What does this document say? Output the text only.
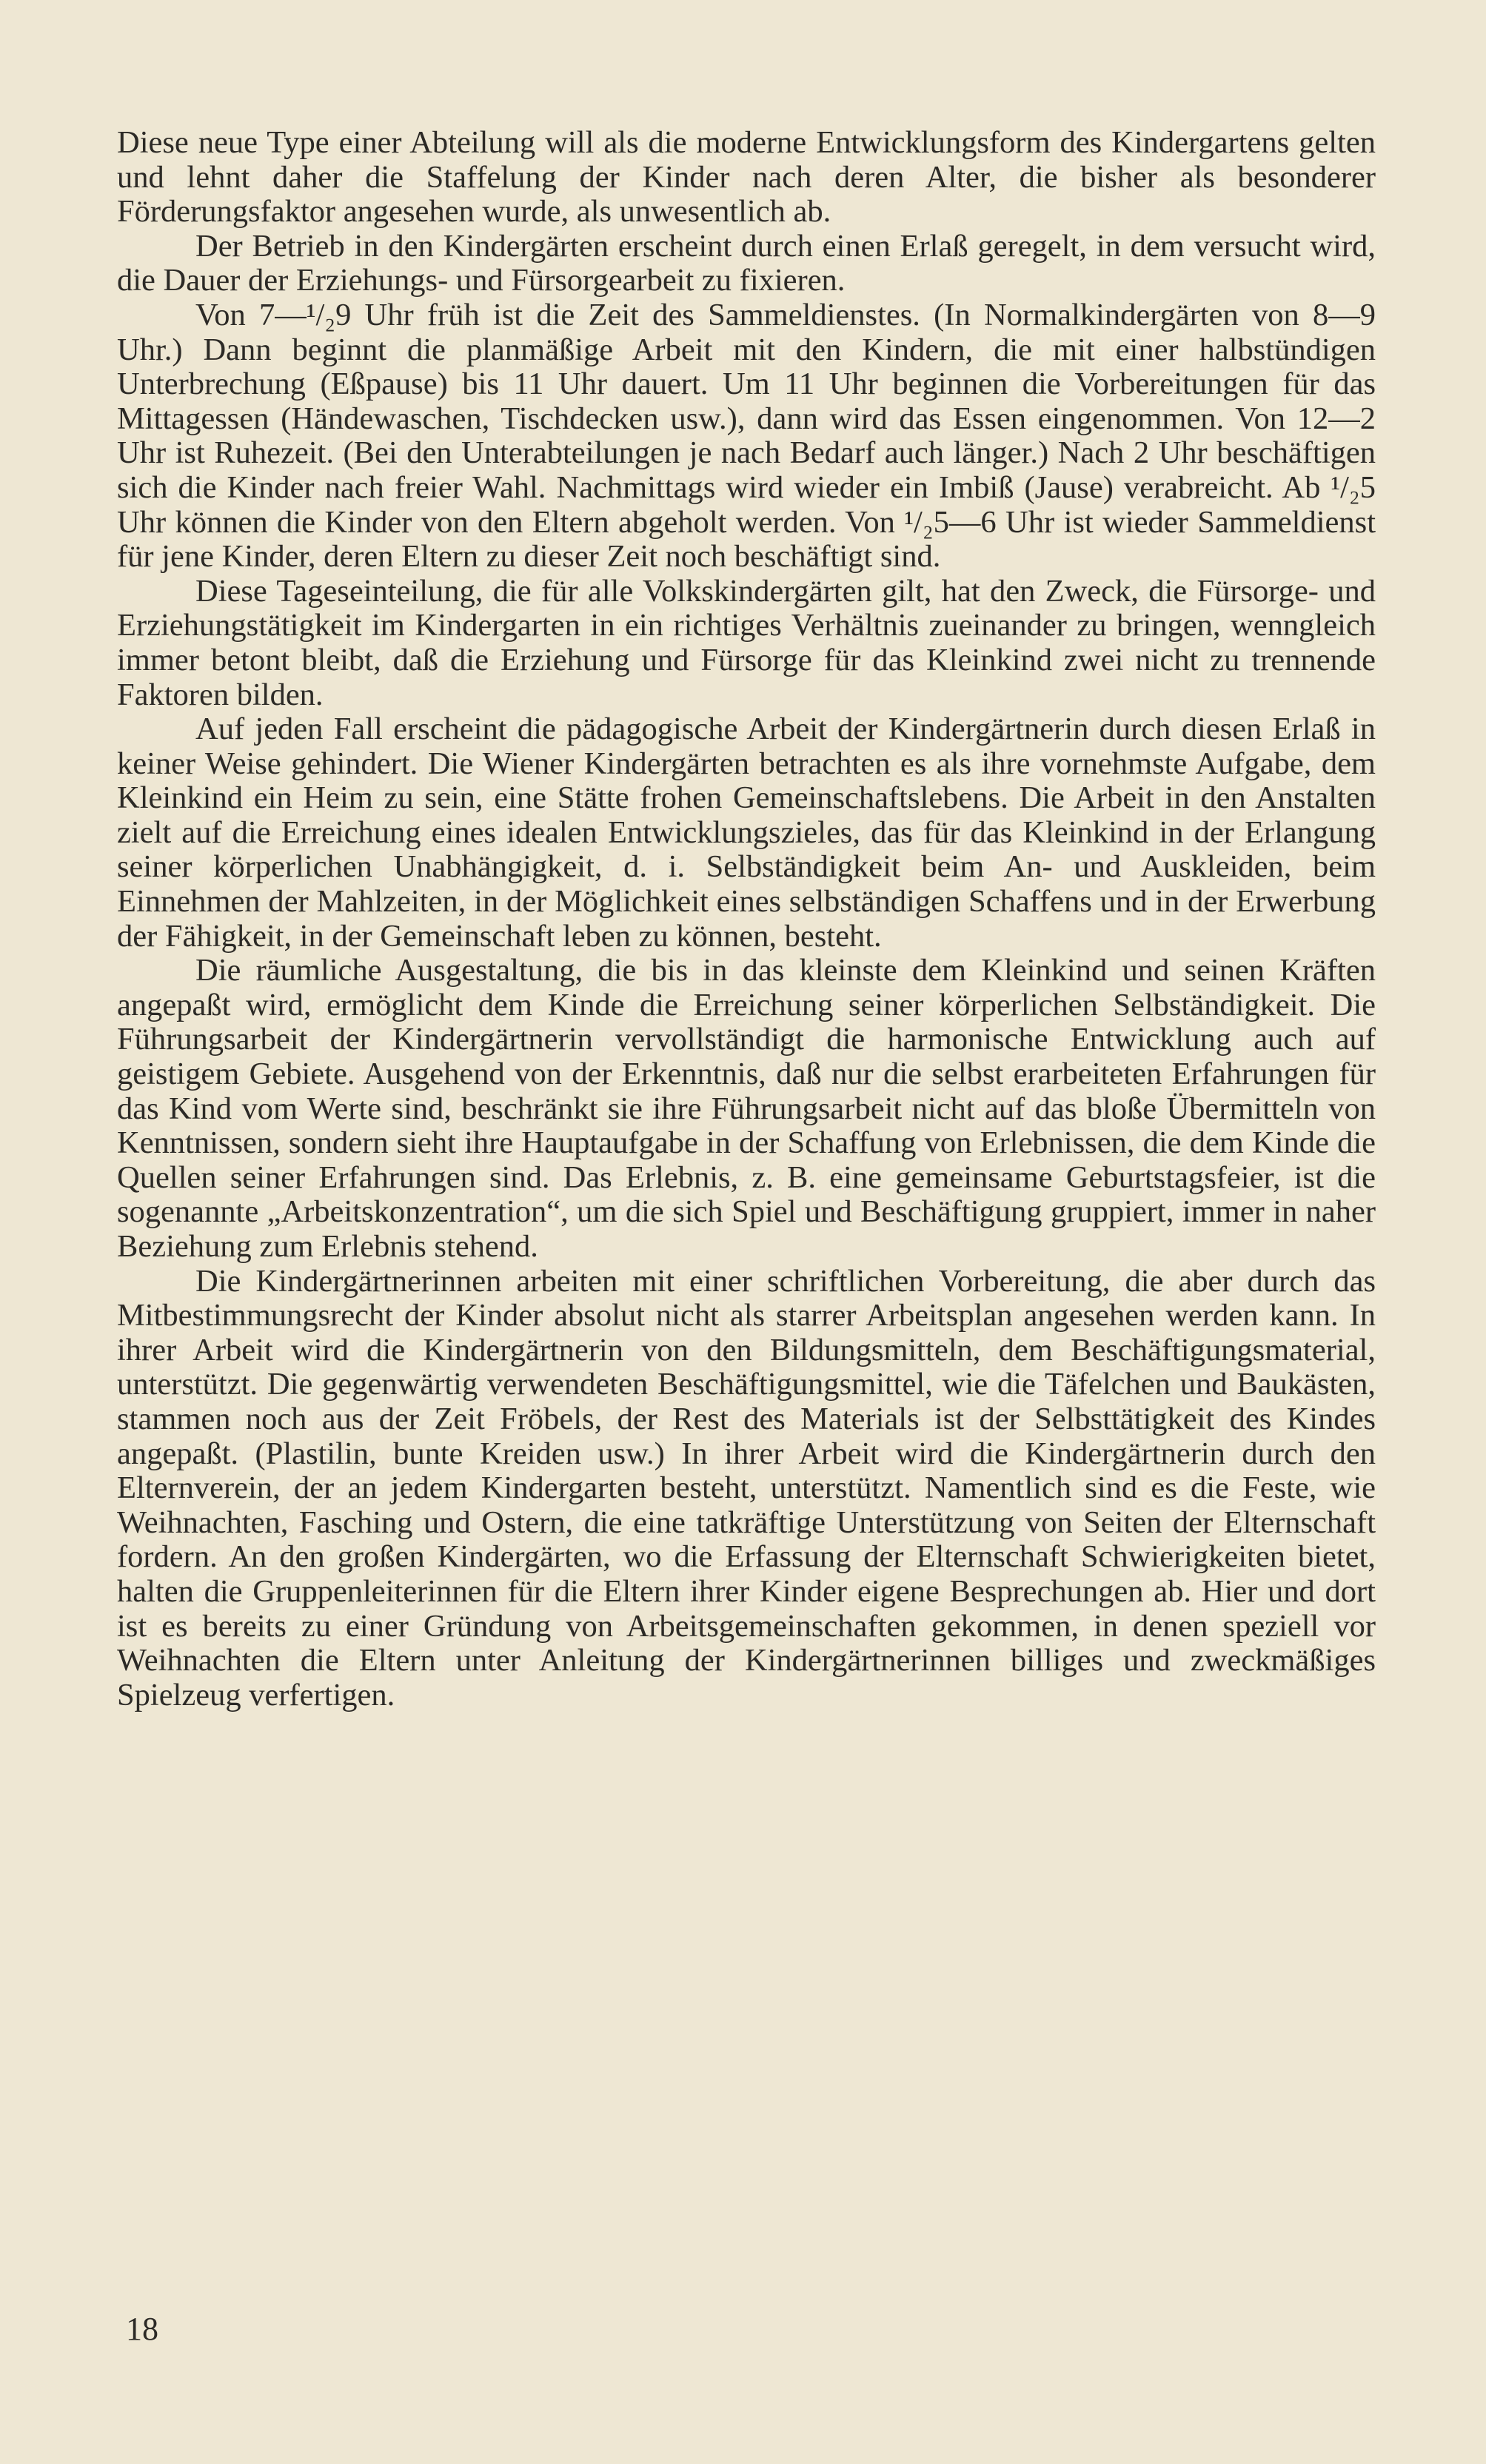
Diese neue Type einer Abteilung will als die moderne Entwicklungsform des Kindergartens gelten und lehnt daher die Staffelung der Kinder nach deren Alter, die bisher als besonderer Förderungsfaktor angesehen wurde, als unwesentlich ab.

Der Betrieb in den Kindergärten erscheint durch einen Erlaß geregelt, in dem versucht wird, die Dauer der Erziehungs- und Fürsorgearbeit zu fixieren.

Von 7—¹/₂9 Uhr früh ist die Zeit des Sammeldienstes. (In Normalkindergärten von 8—9 Uhr.) Dann beginnt die planmäßige Arbeit mit den Kindern, die mit einer halbstündigen Unterbrechung (Eßpause) bis 11 Uhr dauert. Um 11 Uhr beginnen die Vorbereitungen für das Mittagessen (Händewaschen, Tischdecken usw.), dann wird das Essen eingenommen. Von 12—2 Uhr ist Ruhezeit. (Bei den Unterabteilungen je nach Bedarf auch länger.) Nach 2 Uhr beschäftigen sich die Kinder nach freier Wahl. Nachmittags wird wieder ein Imbiß (Jause) verabreicht. Ab ¹/₂5 Uhr können die Kinder von den Eltern abgeholt werden. Von ¹/₂5—6 Uhr ist wieder Sammeldienst für jene Kinder, deren Eltern zu dieser Zeit noch beschäftigt sind.

Diese Tageseinteilung, die für alle Volkskindergärten gilt, hat den Zweck, die Fürsorge- und Erziehungstätigkeit im Kindergarten in ein richtiges Verhältnis zueinander zu bringen, wenngleich immer betont bleibt, daß die Erziehung und Fürsorge für das Kleinkind zwei nicht zu trennende Faktoren bilden.

Auf jeden Fall erscheint die pädagogische Arbeit der Kindergärtnerin durch diesen Erlaß in keiner Weise gehindert. Die Wiener Kindergärten betrachten es als ihre vornehmste Aufgabe, dem Kleinkind ein Heim zu sein, eine Stätte frohen Gemeinschaftslebens. Die Arbeit in den Anstalten zielt auf die Erreichung eines idealen Entwicklungszieles, das für das Kleinkind in der Erlangung seiner körperlichen Unabhängigkeit, d. i. Selbständigkeit beim An- und Auskleiden, beim Einnehmen der Mahlzeiten, in der Möglichkeit eines selbständigen Schaffens und in der Erwerbung der Fähigkeit, in der Gemeinschaft leben zu können, besteht.

Die räumliche Ausgestaltung, die bis in das kleinste dem Kleinkind und seinen Kräften angepaßt wird, ermöglicht dem Kinde die Erreichung seiner körperlichen Selbständigkeit. Die Führungsarbeit der Kindergärtnerin vervollständigt die harmonische Entwicklung auch auf geistigem Gebiete. Ausgehend von der Erkenntnis, daß nur die selbst erarbeiteten Erfahrungen für das Kind vom Werte sind, beschränkt sie ihre Führungsarbeit nicht auf das bloße Übermitteln von Kenntnissen, sondern sieht ihre Hauptaufgabe in der Schaffung von Erlebnissen, die dem Kinde die Quellen seiner Erfahrungen sind. Das Erlebnis, z. B. eine gemeinsame Geburtstagsfeier, ist die sogenannte „Arbeitskonzentration“, um die sich Spiel und Beschäftigung gruppiert, immer in naher Beziehung zum Erlebnis stehend.

Die Kindergärtnerinnen arbeiten mit einer schriftlichen Vorbereitung, die aber durch das Mitbestimmungsrecht der Kinder absolut nicht als starrer Arbeitsplan angesehen werden kann. In ihrer Arbeit wird die Kindergärtnerin von den Bildungsmitteln, dem Beschäftigungsmaterial, unterstützt. Die gegenwärtig verwendeten Beschäftigungsmittel, wie die Täfelchen und Baukästen, stammen noch aus der Zeit Fröbels, der Rest des Materials ist der Selbsttätigkeit des Kindes angepaßt. (Plastilin, bunte Kreiden usw.) In ihrer Arbeit wird die Kindergärtnerin durch den Elternverein, der an jedem Kindergarten besteht, unterstützt. Namentlich sind es die Feste, wie Weihnachten, Fasching und Ostern, die eine tatkräftige Unterstützung von Seiten der Elternschaft fordern. An den großen Kindergärten, wo die Erfassung der Elternschaft Schwierigkeiten bietet, halten die Gruppenleiterinnen für die Eltern ihrer Kinder eigene Besprechungen ab. Hier und dort ist es bereits zu einer Gründung von Arbeitsgemeinschaften gekommen, in denen speziell vor Weihnachten die Eltern unter Anleitung der Kindergärtnerinnen billiges und zweckmäßiges Spielzeug verfertigen.

18
